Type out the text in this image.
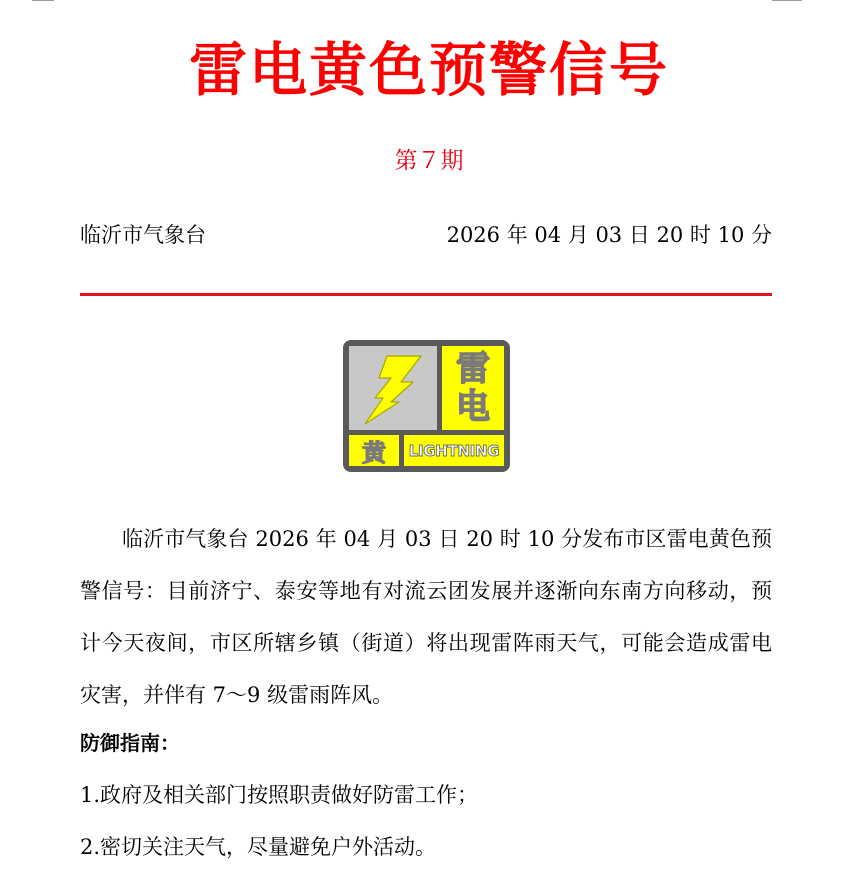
雷电黄色预警信号
第７期
临沂市气象台	2026 年 04 月 03 日 20 时 10 分
雷
电
黄 LIGHTNING
临沂市气象台 2026 年 04 月 03 日 20 时 10 分发布市区雷电黄色预警信号：目前济宁、泰安等地有对流云团发展并逐渐向东南方向移动，预计今天夜间，市区所辖乡镇（街道）将出现雷阵雨天气，可能会造成雷电灾害，并伴有 7～9 级雷雨阵风。
防御指南：
1.政府及相关部门按照职责做好防雷工作；
2.密切关注天气，尽量避免户外活动。
